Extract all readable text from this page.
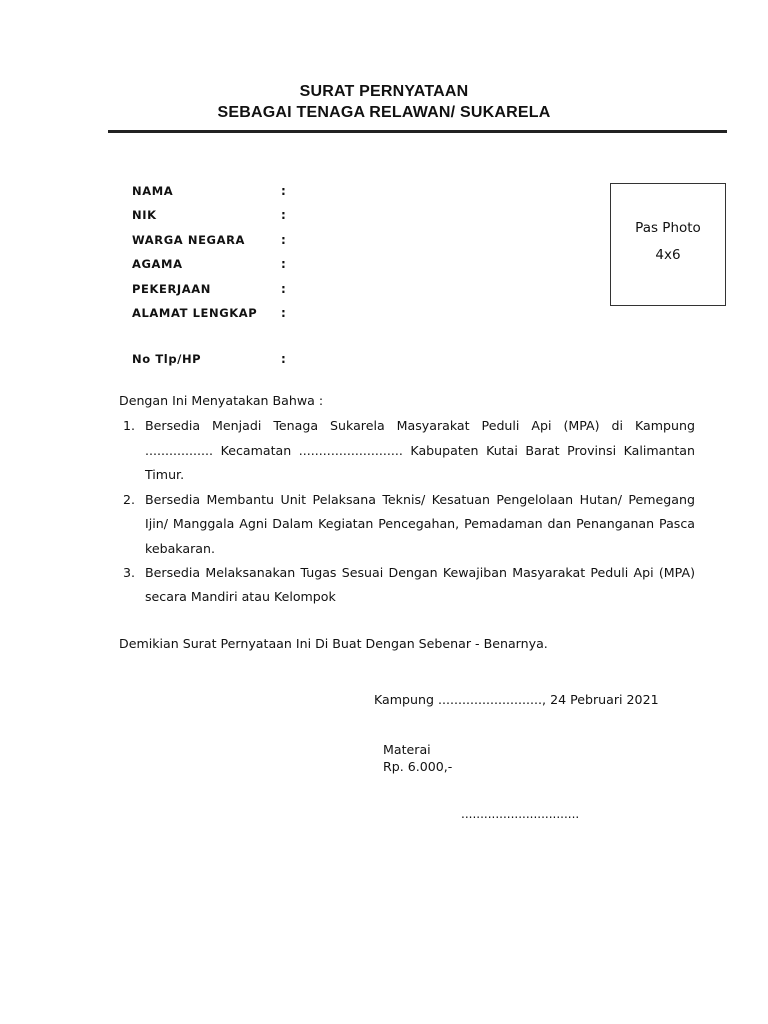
SURAT PERNYATAAN
SEBAGAI TENAGA RELAWAN/ SUKARELA
NAMA	:
NIK	:
WARGA NEGARA	:
AGAMA	:
PEKERJAAN	:
ALAMAT LENGKAP :
No Tlp/HP	:
Pas Photo
4x6
Dengan Ini Menyatakan Bahwa :
1. Bersedia Menjadi Tenaga Sukarela Masyarakat Peduli Api (MPA) di Kampung ................. Kecamatan .......................... Kabupaten Kutai Barat Provinsi Kalimantan Timur.
2. Bersedia Membantu Unit Pelaksana Teknis/ Kesatuan Pengelolaan Hutan/ Pemegang Ijin/ Manggala Agni Dalam Kegiatan Pencegahan, Pemadaman dan Penanganan Pasca kebakaran.
3. Bersedia Melaksanakan Tugas Sesuai Dengan Kewajiban Masyarakat Peduli Api (MPA) secara Mandiri atau Kelompok
Demikian Surat Pernyataan Ini Di Buat Dengan Sebenar - Benarnya.
Kampung .........................., 24 Pebruari 2021
Materai
Rp. 6.000,-
...............................
